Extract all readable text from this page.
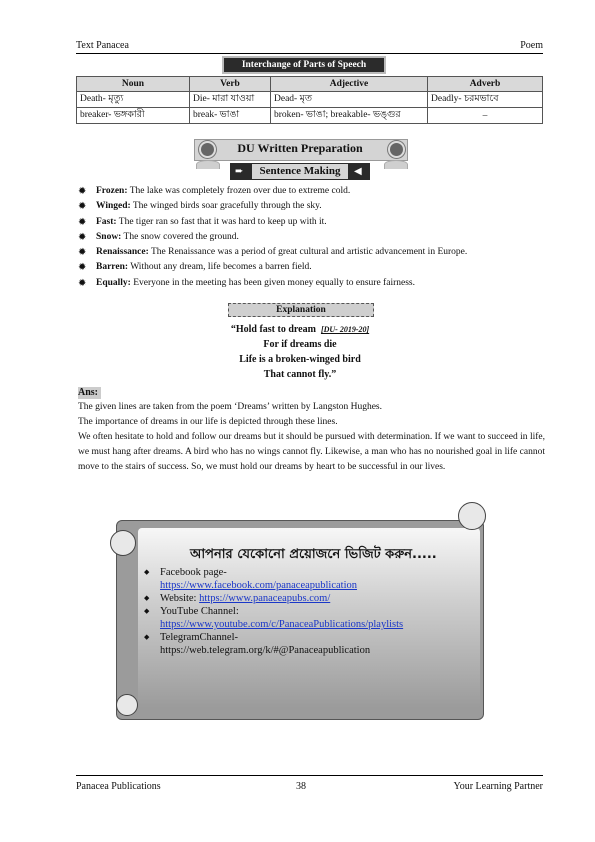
Text Panacea	Poem
Interchange of Parts of Speech
Noun	Verb	Adjective	Adverb
Death- মৃত্যু	Die- মারা যাওয়া	Dead- মৃত	Deadly- চরমভাবে
breaker- ভঙ্গকারী	break- ভাঙা	broken- ভাঙা; breakable- ভঙ্গুর	–
DU Written Preparation
➨	◀
Sentence Making
✹ Frozen: The lake was completely frozen over due to extreme cold.
✹ Winged: The winged birds soar gracefully through the sky.
✹ Fast: The tiger ran so fast that it was hard to keep up with it.
✹ Snow: The snow covered the ground.
✹ Renaissance: The Renaissance was a period of great cultural and artistic advancement in Europe.
✹ Barren: Without any dream, life becomes a barren field.
✹ Equally: Everyone in the meeting has been given money equally to ensure fairness.
Explanation
“Hold fast to dream [DU- 2019-20]
For if dreams die
Life is a broken-winged bird
That cannot fly.”
Ans:
The given lines are taken from the poem ‘Dreams’ written by Langston Hughes.
The importance of dreams in our life is depicted through these lines.
We often hesitate to hold and follow our dreams but it should be pursued with determination. If we want to succeed in life, we must hang after dreams. A bird who has no wings cannot fly. Likewise, a man who has no nourished goal in life cannot move to the stairs of success. So, we must hold our dreams by heart to be successful in our lives.
আপনার যেকোনো প্রয়োজনে ভিজিট করুন.....
◆ Facebook page-
https://www.facebook.com/panaceapublication
◆ Website: https://www.panaceapubs.com/
◆ YouTube Channel:
https://www.youtube.com/c/PanaceaPublications/playlists
◆ TelegramChannel-
https://web.telegram.org/k/#@Panaceapublication
Panacea Publications	38	Your Learning Partner
